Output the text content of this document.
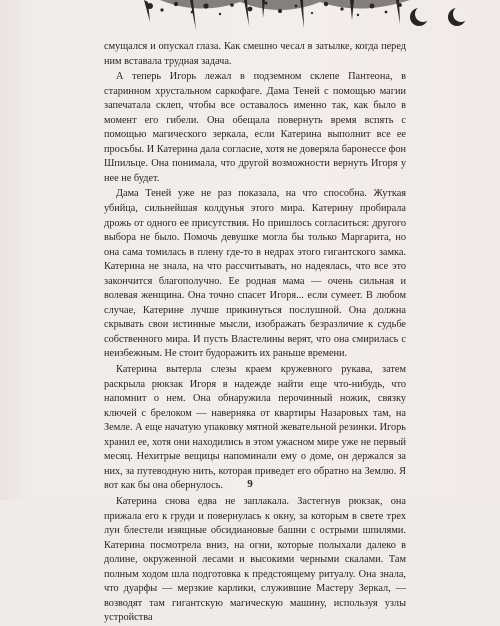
смущался и опускал глаза. Как смешно чесал в затылке, когда перед ним вставала трудная задача.

А теперь Игорь лежал в подземном склепе Пантеона, в старинном хрустальном саркофаге. Дама Теней с помощью магии запечатала склеп, чтобы все оставалось именно так, как было в момент его гибели. Она обещала повернуть время вспять с помощью магического зеркала, если Катерина выполнит все ее просьбы. И Катерина дала согласие, хотя не доверяла баронессе фон Шпильце. Она понимала, что другой возможности вернуть Игоря у нее не будет.

Дама Теней уже не раз показала, на что способна. Жуткая убийца, сильнейшая колдунья этого мира. Катерину пробирала дрожь от одного ее присутствия. Но пришлось согласиться: другого выбора не было. Помочь девушке могла бы только Маргарита, но она сама томилась в плену где-то в недрах этого гигантского замка. Катерина не знала, на что рассчитывать, но надеялась, что все это закончится благополучно. Ее родная мама — очень сильная и волевая женщина. Она точно спасет Игоря... если сумеет. В любом случае, Катерине лучше прикинуться послушной. Она должна скрывать свои истинные мысли, изображать безразличие к судьбе собственного мира. И пусть Властелины верят, что она смирилась с неизбежным. Не стоит будоражить их раньше времени.

Катерина вытерла слезы краем кружевного рукава, затем раскрыла рюкзак Игоря в надежде найти еще что-нибудь, что напомнит о нем. Она обнаружила перочинный ножик, связку ключей с брелоком — наверняка от квартиры Назаровых там, на Земле. А еще начатую упаковку мятной жевательной резинки. Игорь хранил ее, хотя они находились в этом ужасном мире уже не первый месяц. Нехитрые вещицы напоминали ему о доме, он держался за них, за путеводную нить, которая приведет его обратно на Землю. Я вот как бы она обернулось.

Катерина снова едва не заплакала. Застегнув рюкзак, она прижала его к груди и повернулась к окну, за которым в свете трех лун блестели изящные обсидиановые башни с острыми шпилями. Катерина посмотрела вниз, на огни, которые полыхали далеко в долине, окруженной лесами и высокими черными скалами. Там полным ходом шла подготовка к предстоящему ритуалу. Она знала, что дуарфы — мерзкие карлики, служившие Мастеру Зеркал, — возводят там гигантскую магическую машину, используя узлы устройства

9
